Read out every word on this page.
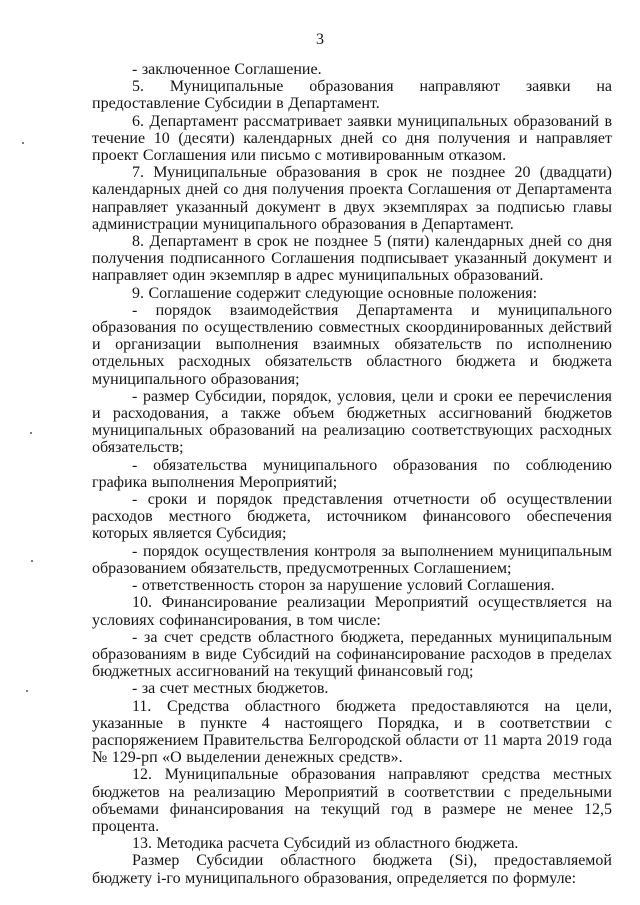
3

- заключенное Соглашение.

5. Муниципальные образования направляют заявки на предоставление Субсидии в Департамент.

6. Департамент рассматривает заявки муниципальных образований в течение 10 (десяти) календарных дней со дня получения и направляет проект Соглашения или письмо с мотивированным отказом.

7. Муниципальные образования в срок не позднее 20 (двадцати) календарных дней со дня получения проекта Соглашения от Департамента направляет указанный документ в двух экземплярах за подписью главы администрации муниципального образования в Департамент.

8. Департамент в срок не позднее 5 (пяти) календарных дней со дня получения подписанного Соглашения подписывает указанный документ и направляет один экземпляр в адрес муниципальных образований.

9. Соглашение содержит следующие основные положения:

- порядок взаимодействия Департамента и муниципального образования по осуществлению совместных скоординированных действий и организации выполнения взаимных обязательств по исполнению отдельных расходных обязательств областного бюджета и бюджета муниципального образования;

- размер Субсидии, порядок, условия, цели и сроки ее перечисления и расходования, а также объем бюджетных ассигнований бюджетов муниципальных образований на реализацию соответствующих расходных обязательств;

- обязательства муниципального образования по соблюдению графика выполнения Мероприятий;

- сроки и порядок представления отчетности об осуществлении расходов местного бюджета, источником финансового обеспечения которых является Субсидия;

- порядок осуществления контроля за выполнением муниципальным образованием обязательств, предусмотренных Соглашением;

- ответственность сторон за нарушение условий Соглашения.

10. Финансирование реализации Мероприятий осуществляется на условиях софинансирования, в том числе:

- за счет средств областного бюджета, переданных муниципальным образованиям в виде Субсидий на софинансирование расходов в пределах бюджетных ассигнований на текущий финансовый год;

- за счет местных бюджетов.

11. Средства областного бюджета предоставляются на цели, указанные в пункте 4 настоящего Порядка, и в соответствии с распоряжением Правительства Белгородской области от 11 марта 2019 года № 129-рп «О выделении денежных средств».

12. Муниципальные образования направляют средства местных бюджетов на реализацию Мероприятий в соответствии с предельными объемами финансирования на текущий год в размере не менее 12,5 процента.

13. Методика расчета Субсидий из областного бюджета.

Размер Субсидии областного бюджета (Si), предоставляемой бюджету i-го муниципального образования, определяется по формуле:
